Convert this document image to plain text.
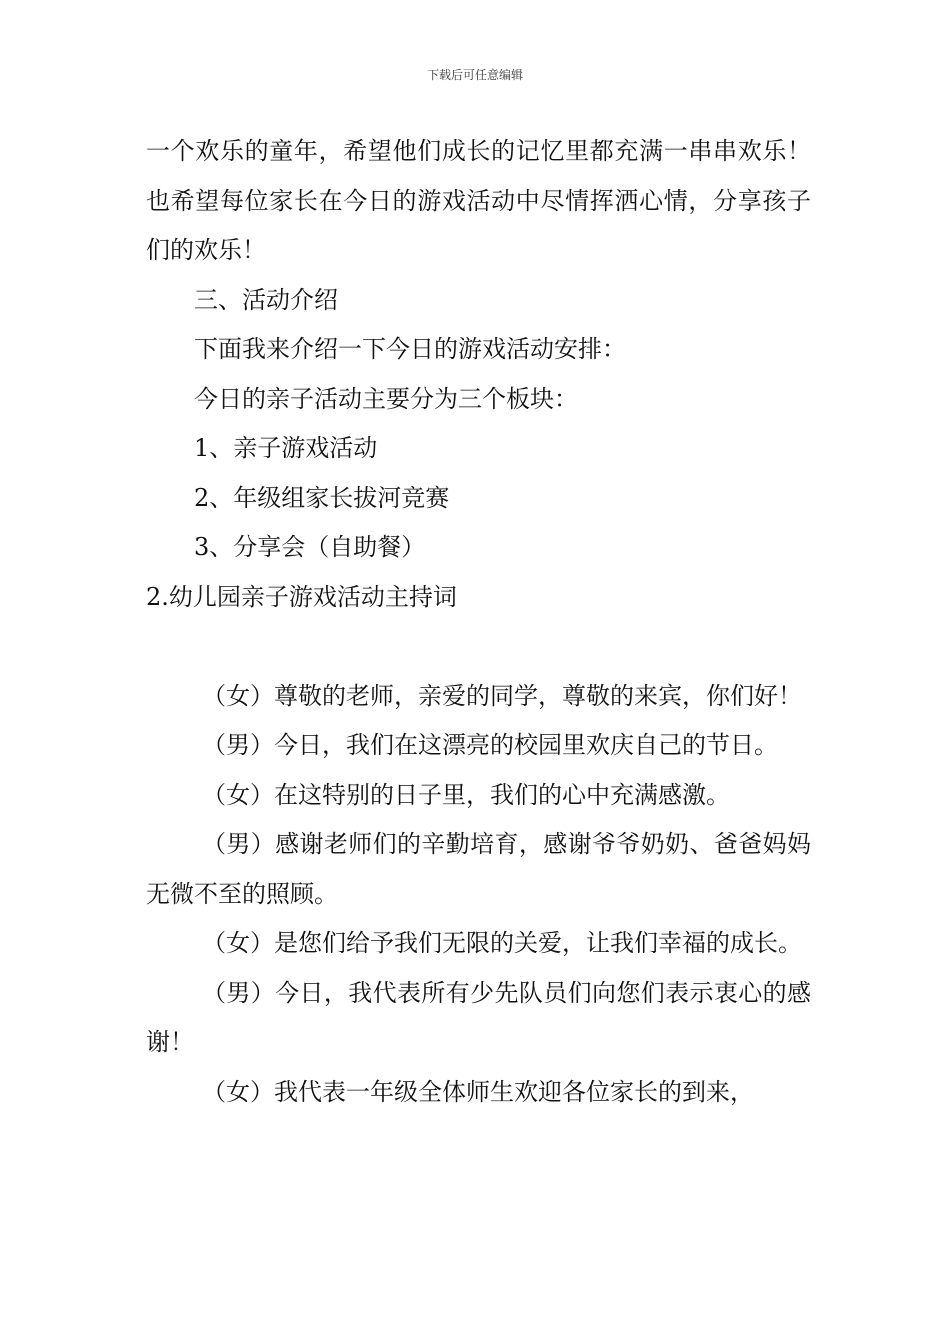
下载后可任意编辑

一个欢乐的童年，希望他们成长的记忆里都充满一串串欢乐！也希望每位家长在今日的游戏活动中尽情挥洒心情，分享孩子们的欢乐！

三、活动介绍

下面我来介绍一下今日的游戏活动安排：

今日的亲子活动主要分为三个板块：

1、亲子游戏活动

2、年级组家长拔河竞赛

3、分享会（自助餐）

2.幼儿园亲子游戏活动主持词

（女）尊敬的老师，亲爱的同学，尊敬的来宾，你们好！

（男）今日，我们在这漂亮的校园里欢庆自己的节日。

（女）在这特别的日子里，我们的心中充满感激。

（男）感谢老师们的辛勤培育，感谢爷爷奶奶、爸爸妈妈无微不至的照顾。

（女）是您们给予我们无限的关爱，让我们幸福的成长。

（男）今日，我代表所有少先队员们向您们表示衷心的感谢！

（女）我代表一年级全体师生欢迎各位家长的到来，
